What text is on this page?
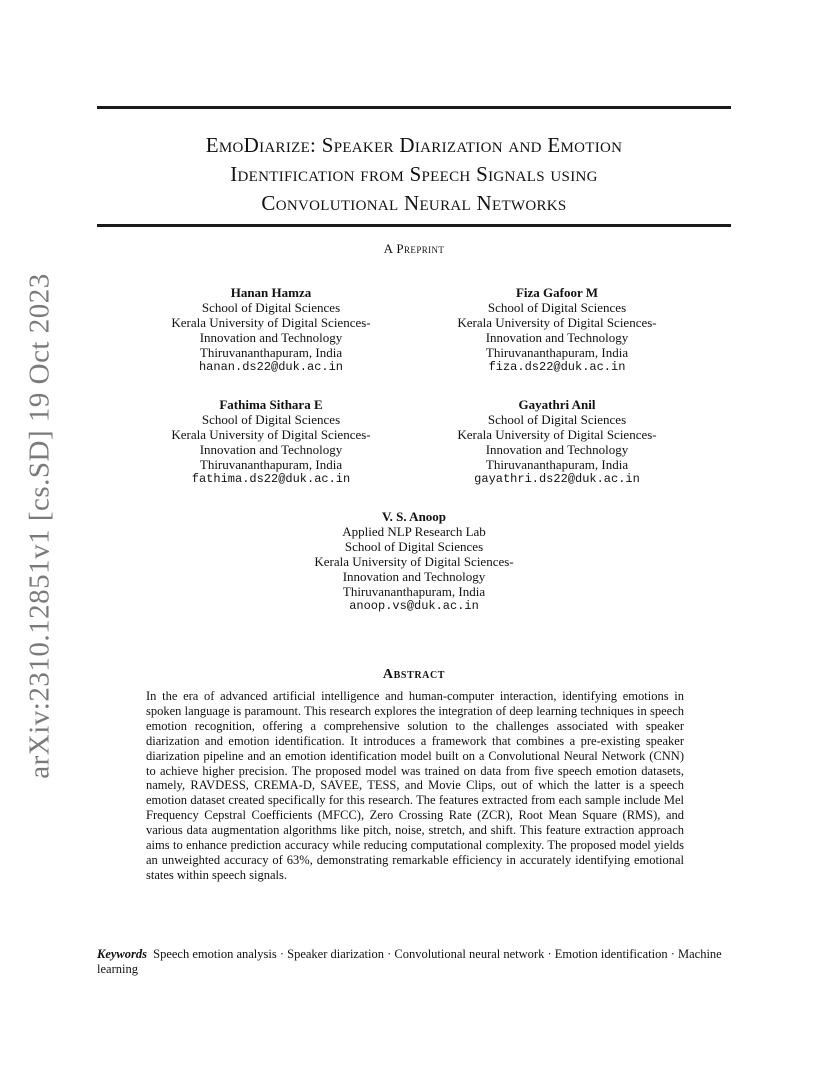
arXiv:2310.12851v1 [cs.SD] 19 Oct 2023
EmoDiarize: Speaker Diarization and Emotion
Identification from Speech Signals using
Convolutional Neural Networks
A Preprint
Hanan Hamza
School of Digital Sciences
Kerala University of Digital Sciences-
Innovation and Technology
Thiruvananthapuram, India
hanan.ds22@duk.ac.in
Fiza Gafoor M
School of Digital Sciences
Kerala University of Digital Sciences-
Innovation and Technology
Thiruvananthapuram, India
fiza.ds22@duk.ac.in
Fathima Sithara E
School of Digital Sciences
Kerala University of Digital Sciences-
Innovation and Technology
Thiruvananthapuram, India
fathima.ds22@duk.ac.in
Gayathri Anil
School of Digital Sciences
Kerala University of Digital Sciences-
Innovation and Technology
Thiruvananthapuram, India
gayathri.ds22@duk.ac.in
V. S. Anoop
Applied NLP Research Lab
School of Digital Sciences
Kerala University of Digital Sciences-
Innovation and Technology
Thiruvananthapuram, India
anoop.vs@duk.ac.in
Abstract

In the era of advanced artificial intelligence and human-computer interaction, identifying emotions in spoken language is paramount. This research explores the integration of deep learning techniques in speech emotion recognition, offering a comprehensive solution to the challenges associated with speaker diarization and emotion identification. It introduces a framework that combines a pre-existing speaker diarization pipeline and an emotion identification model built on a Convolutional Neural Network (CNN) to achieve higher precision. The proposed model was trained on data from five speech emotion datasets, namely, RAVDESS, CREMA-D, SAVEE, TESS, and Movie Clips, out of which the latter is a speech emotion dataset created specifically for this research. The features extracted from each sample include Mel Frequency Cepstral Coefficients (MFCC), Zero Crossing Rate (ZCR), Root Mean Square (RMS), and various data augmentation algorithms like pitch, noise, stretch, and shift. This feature extraction approach aims to enhance prediction accuracy while reducing computational complexity. The proposed model yields an unweighted accuracy of 63%, demonstrating remarkable efficiency in accurately identifying emotional states within speech signals.

Keywords Speech emotion analysis · Speaker diarization · Convolutional neural network · Emotion identification · Machine learning
